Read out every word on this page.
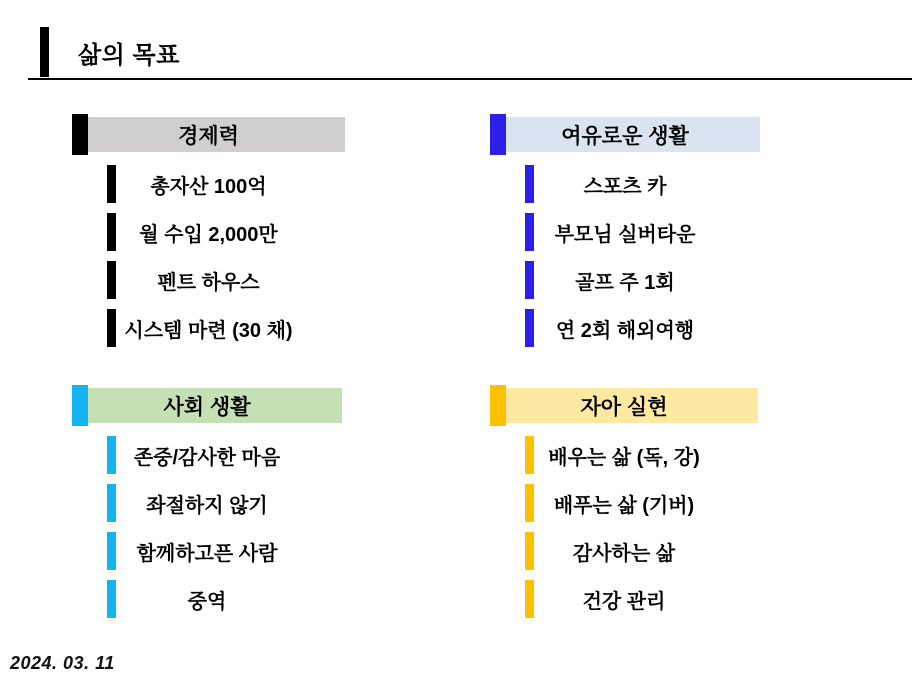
삶의 목표
경제력
총자산 100억
월 수입 2,000만
펜트 하우스
시스템 마련 (30 채)
여유로운 생활
스포츠 카
부모님 실버타운
골프 주 1회
연 2회 해외여행
사회 생활
존중/감사한 마음
좌절하지 않기
함께하고픈 사람
중역
자아 실현
배우는 삶 (독, 강)
배푸는 삶 (기버)
감사하는 삶
건강 관리
2024. 03. 11
